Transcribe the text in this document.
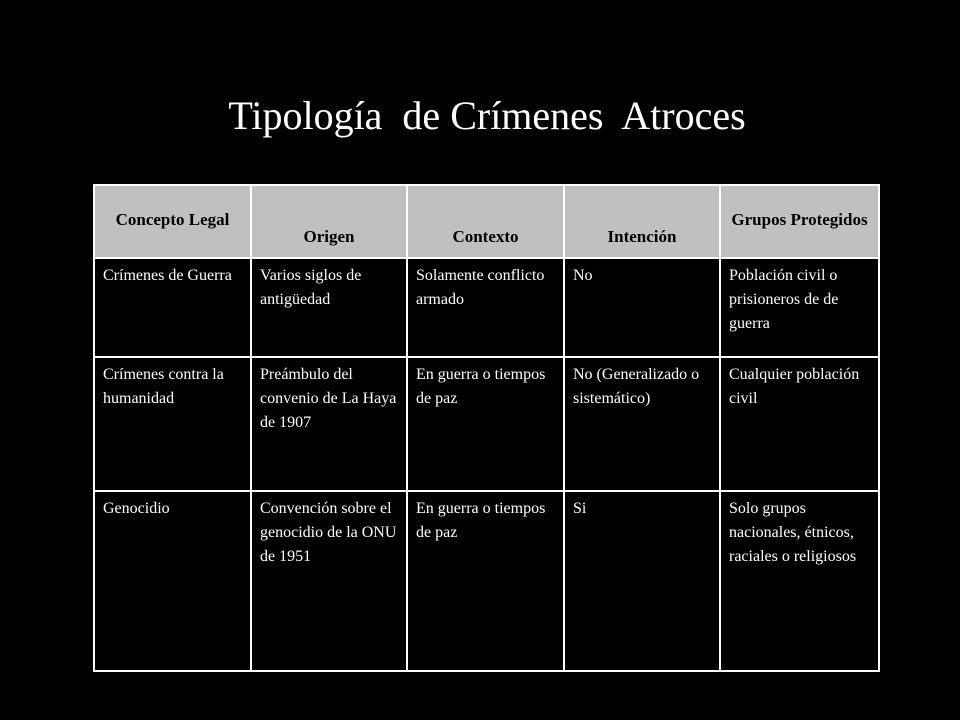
Tipología  de Crímenes  Atroces
Concepto Legal	Origen	Contexto	Intención	Grupos Protegidos
Crímenes de Guerra	Varios siglos de antigüedad	Solamente conflicto armado	No	Población civil o prisioneros de de guerra
Crímenes contra la humanidad	Preámbulo del convenio de La Haya de 1907	En guerra o tiempos de paz	No (Generalizado o sistemático)	Cualquier población civil
Genocidio	Convención sobre el genocidio de la ONU de 1951	En guerra o tiempos de paz	Si	Solo grupos nacionales, étnicos, raciales o religiosos
